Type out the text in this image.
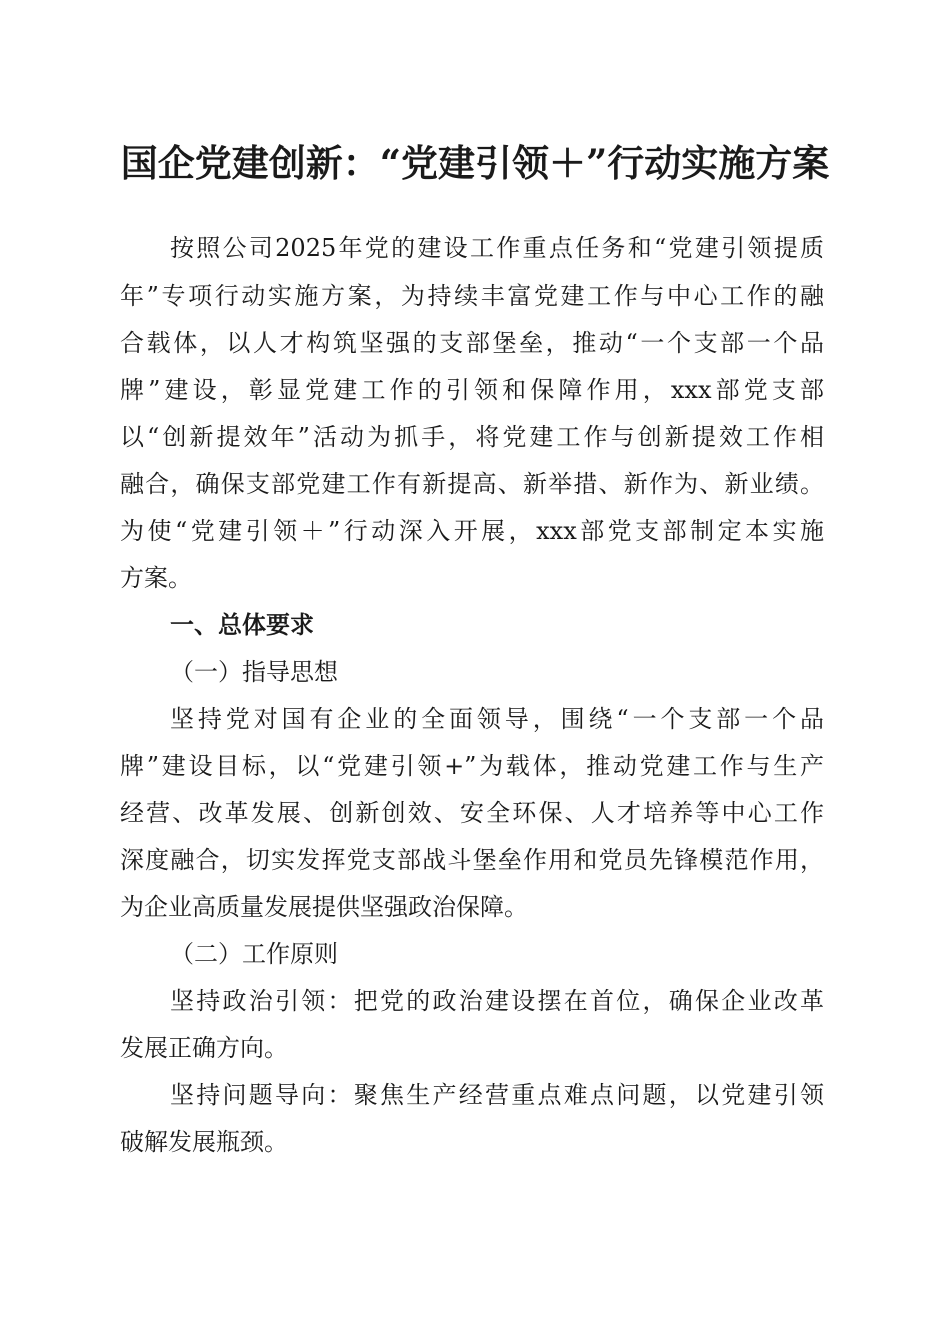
国企党建创新：“党建引领＋”行动实施方案

按照公司2025年党的建设工作重点任务和“党建引领提质

年”专项行动实施方案，为持续丰富党建工作与中心工作的融

合载体，以人才构筑坚强的支部堡垒，推动“一个支部一个品

牌”建设，彰显党建工作的引领和保障作用，xxx部党支部

以“创新提效年”活动为抓手，将党建工作与创新提效工作相

融合，确保支部党建工作有新提高、新举措、新作为、新业绩。

为使“党建引领＋”行动深入开展，xxx部党支部制定本实施

方案。

一、总体要求

（一）指导思想

坚持党对国有企业的全面领导，围绕“一个支部一个品

牌”建设目标，以“党建引领+”为载体，推动党建工作与生产

经营、改革发展、创新创效、安全环保、人才培养等中心工作

深度融合，切实发挥党支部战斗堡垒作用和党员先锋模范作用，

为企业高质量发展提供坚强政治保障。

（二）工作原则

坚持政治引领：把党的政治建设摆在首位，确保企业改革

发展正确方向。

坚持问题导向：聚焦生产经营重点难点问题，以党建引领

破解发展瓶颈。
